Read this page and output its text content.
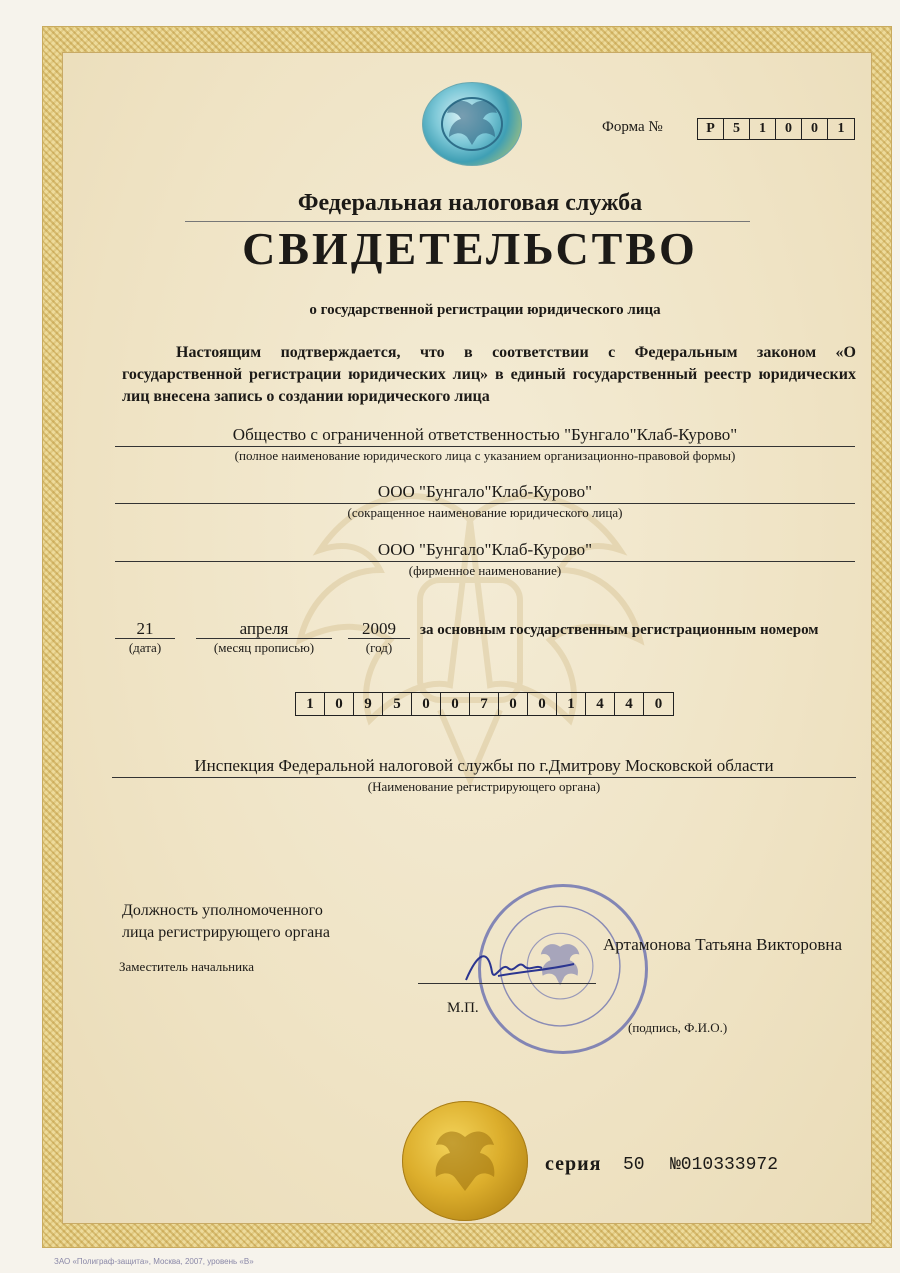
Форма №	Р	5	1	0	0	1
Федеральная налоговая служба
СВИДЕТЕЛЬСТВО
о государственной регистрации юридического лица
Настоящим подтверждается, что в соответствии с Федеральным законом «О государственной регистрации юридических лиц» в единый государственный реестр юридических лиц внесена запись о создании юридического лица
Общество с ограниченной ответственностью "Бунгало"Клаб-Курово"
(полное наименование юридического лица с указанием организационно-правовой формы)
ООО "Бунгало"Клаб-Курово"
(сокращенное наименование юридического лица)
ООО "Бунгало"Клаб-Курово"
(фирменное наименование)
21
(дата)
апреля
(месяц прописью)
2009
(год)
за основным государственным регистрационным номером
1	0	9	5	0	0	7	0	0	1	4	4	0
Инспекция Федеральной налоговой службы по г.Дмитрову Московской области
(Наименование регистрирующего органа)
Должность уполномоченного
лица регистрирующего органа
Заместитель начальника
Артамонова Татьяна Викторовна
М.П.
(подпись, Ф.И.О.)
серия 50 №010333972
ЗАО «Полиграф-защита», Москва, 2007, уровень «В»
